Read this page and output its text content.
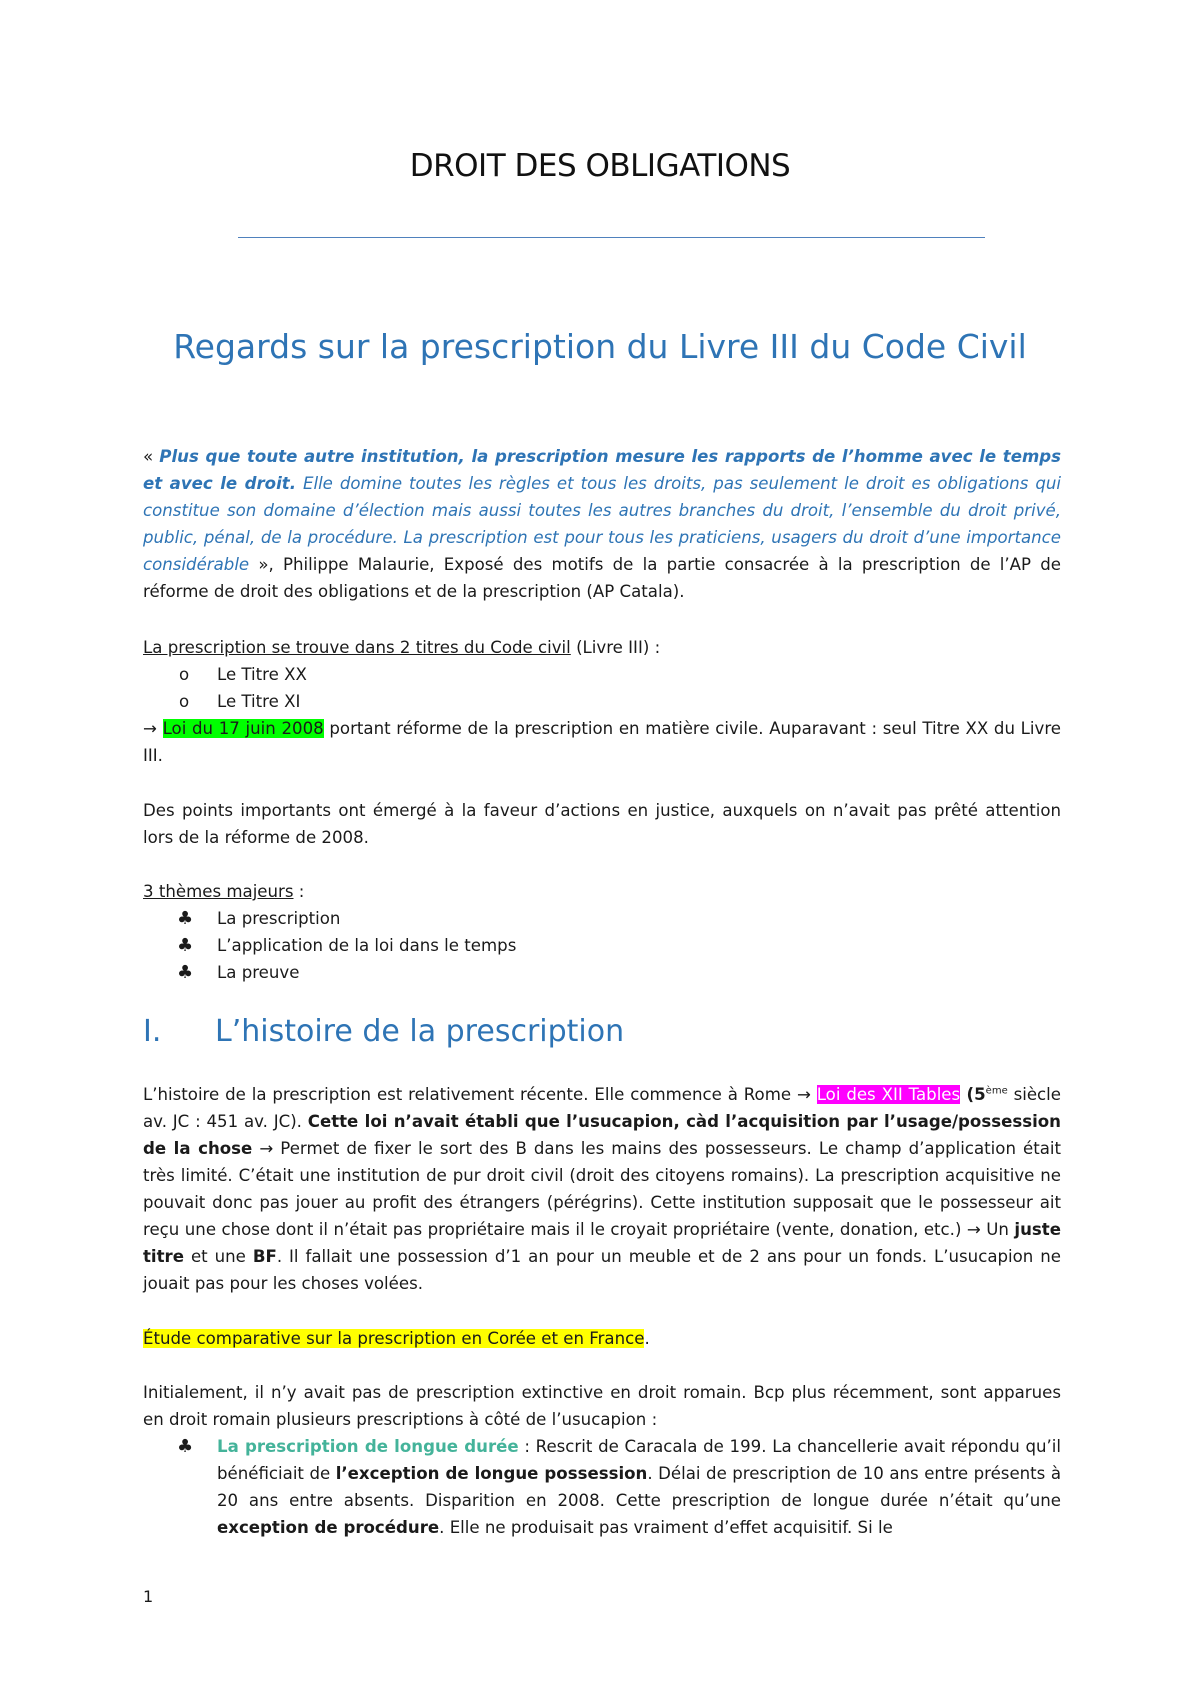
DROIT DES OBLIGATIONS
Regards sur la prescription du Livre III du Code Civil
« Plus que toute autre institution, la prescription mesure les rapports de l’homme avec le temps et avec le droit. Elle domine toutes les règles et tous les droits, pas seulement le droit es obligations qui constitue son domaine d’élection mais aussi toutes les autres branches du droit, l’ensemble du droit privé, public, pénal, de la procédure. La prescription est pour tous les praticiens, usagers du droit d’une importance considérable », Philippe Malaurie, Exposé des motifs de la partie consacrée à la prescription de l’AP de réforme de droit des obligations et de la prescription (AP Catala).
La prescription se trouve dans 2 titres du Code civil (Livre III) :
o Le Titre XX
o Le Titre XI
→ Loi du 17 juin 2008 portant réforme de la prescription en matière civile. Auparavant : seul Titre XX du Livre III.
Des points importants ont émergé à la faveur d’actions en justice, auxquels on n’avait pas prêté attention lors de la réforme de 2008.
3 thèmes majeurs :
♣ La prescription
♣ L’application de la loi dans le temps
♣ La preuve
I. L’histoire de la prescription
L’histoire de la prescription est relativement récente. Elle commence à Rome → Loi des XII Tables (5ème siècle av. JC : 451 av. JC). Cette loi n’avait établi que l’usucapion, càd l’acquisition par l’usage/possession de la chose → Permet de fixer le sort des B dans les mains des possesseurs. Le champ d’application était très limité. C’était une institution de pur droit civil (droit des citoyens romains). La prescription acquisitive ne pouvait donc pas jouer au profit des étrangers (pérégrins). Cette institution supposait que le possesseur ait reçu une chose dont il n’était pas propriétaire mais il le croyait propriétaire (vente, donation, etc.) → Un juste titre et une BF. Il fallait une possession d’1 an pour un meuble et de 2 ans pour un fonds. L’usucapion ne jouait pas pour les choses volées.
Étude comparative sur la prescription en Corée et en France.
Initialement, il n’y avait pas de prescription extinctive en droit romain. Bcp plus récemment, sont apparues en droit romain plusieurs prescriptions à côté de l’usucapion :
♣ La prescription de longue durée : Rescrit de Caracala de 199. La chancellerie avait répondu qu’il bénéficiait de l’exception de longue possession. Délai de prescription de 10 ans entre présents à 20 ans entre absents. Disparition en 2008. Cette prescription de longue durée n’était qu’une exception de procédure. Elle ne produisait pas vraiment d’effet acquisitif. Si le
1
